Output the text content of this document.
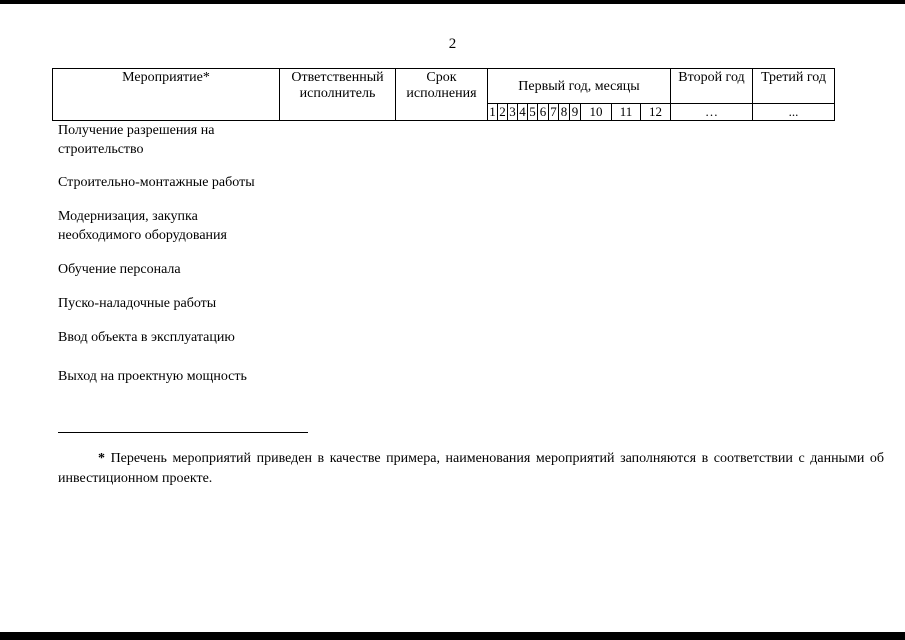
2
Мероприятие*	Ответственный исполнитель	Срок исполнения	Первый год, месяцы												Второй год	Третий год
			1	2	3	4	5	6	7	8	9	10	11	12	…	...
Получение разрешения на строительство
Строительно-монтажные работы
Модернизация, закупка необходимого оборудования
Обучение персонала
Пуско-наладочные работы
Ввод объекта в эксплуатацию
Выход на проектную мощность

* Перечень мероприятий приведен в качестве примера, наименования мероприятий заполняются в соответствии с данными об инвестиционном проекте.
